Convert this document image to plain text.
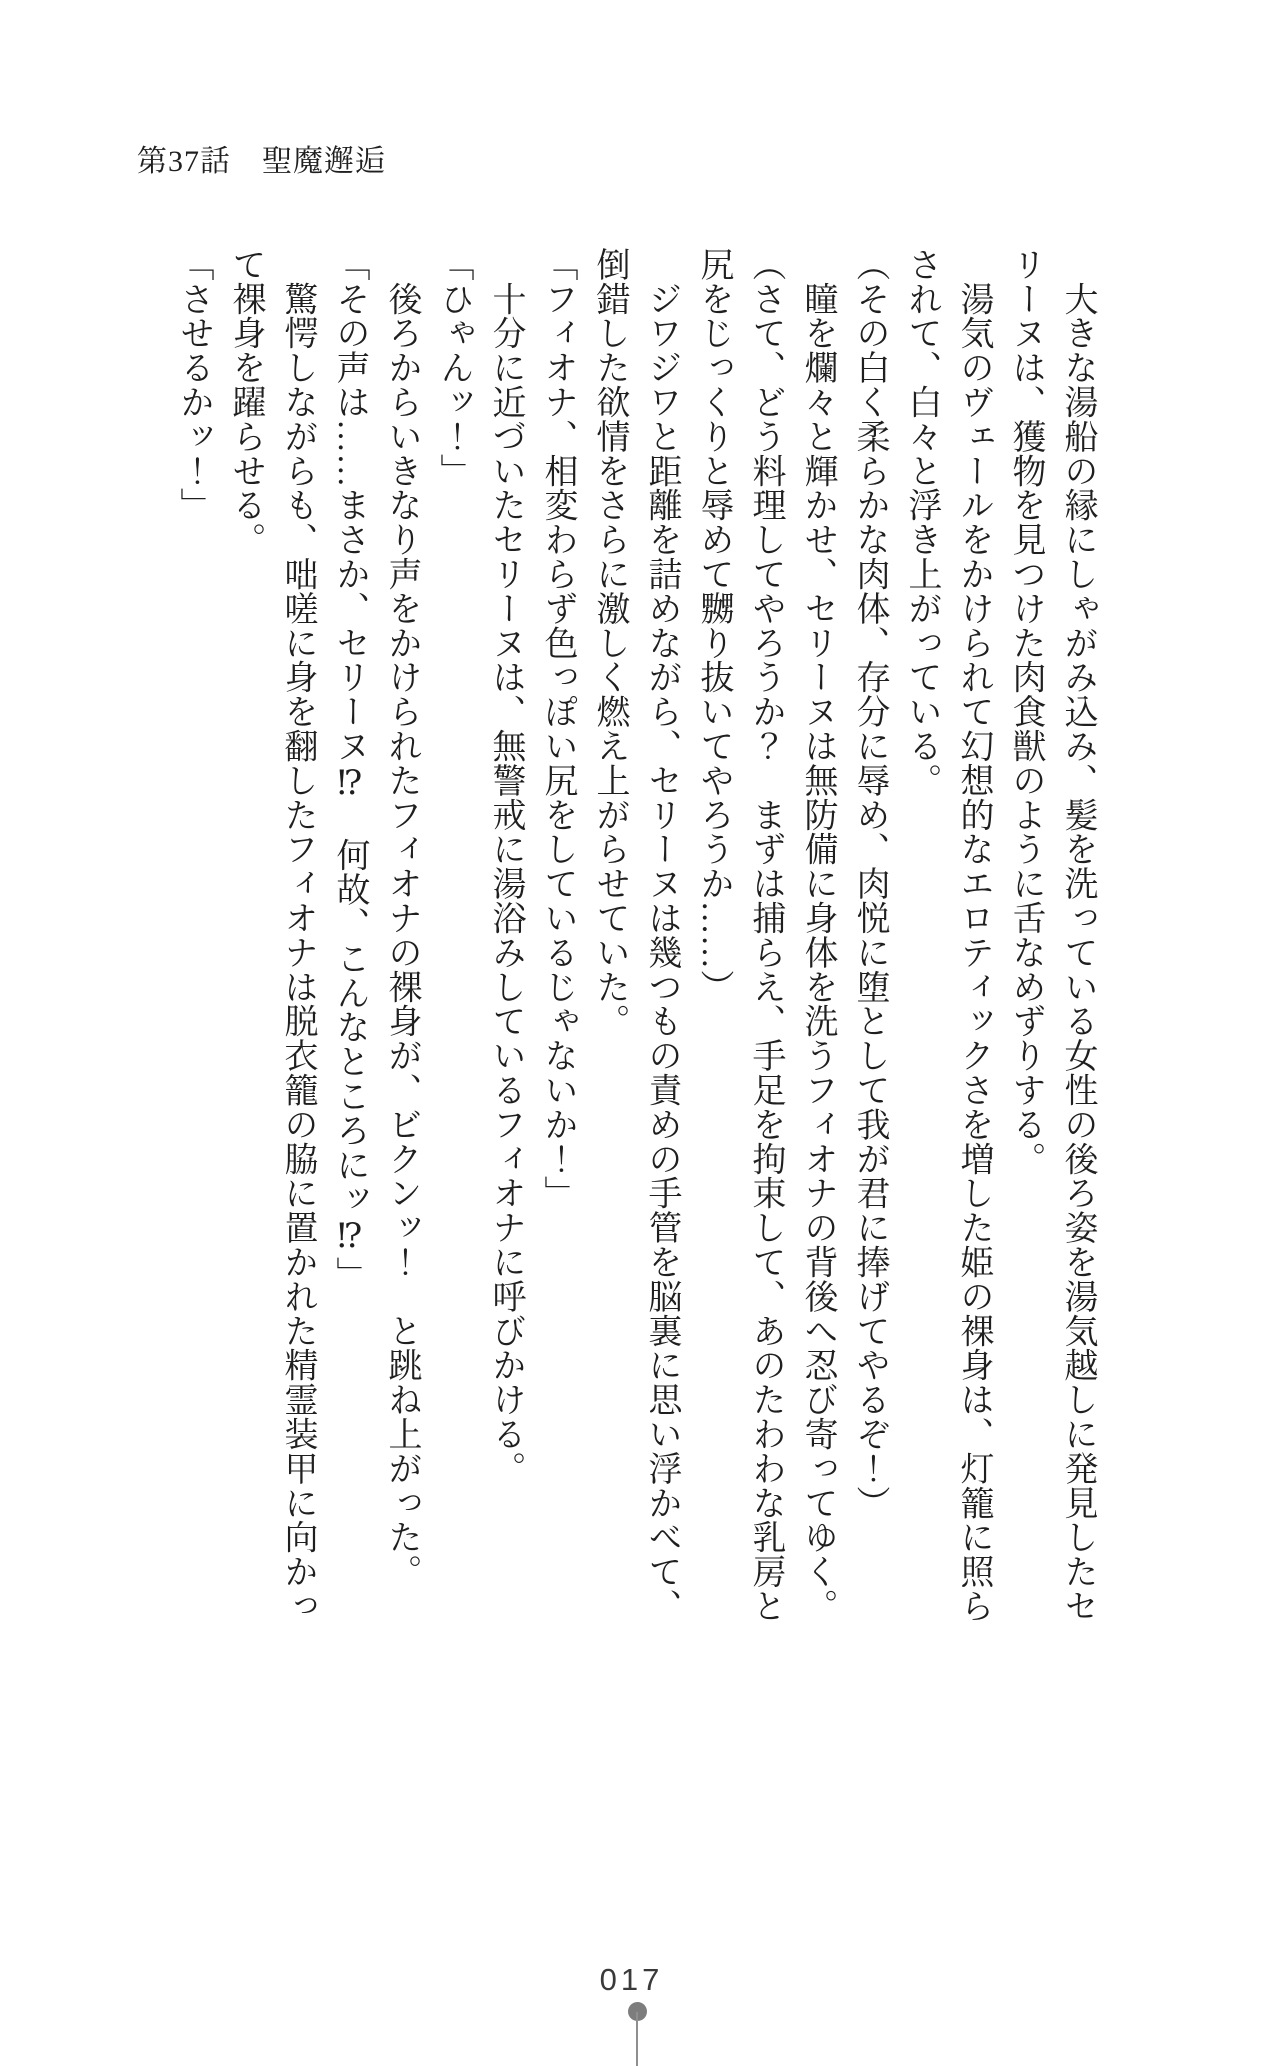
第37話　聖魔邂逅
　大きな湯船の縁にしゃがみ込み、髪を洗っている女性の後ろ姿を湯気越しに発見したセ
リーヌは、獲物を見つけた肉食獣のように舌なめずりする。
　湯気のヴェールをかけられて幻想的なエロティックさを増した姫の裸身は、灯籠に照ら
されて、白々と浮き上がっている。
（その白く柔らかな肉体、存分に辱め、肉悦に堕として我が君に捧げてやるぞ！）
　瞳を爛々と輝かせ、セリーヌは無防備に身体を洗うフィオナの背後へ忍び寄ってゆく。
（さて、どう料理してやろうか？　まずは捕らえ、手足を拘束して、あのたわわな乳房と
尻をじっくりと辱めて嬲り抜いてやろうか……）
　ジワジワと距離を詰めながら、セリーヌは幾つもの責めの手管を脳裏に思い浮かべて、
倒錯した欲情をさらに激しく燃え上がらせていた。
「フィオナ、相変わらず色っぽい尻をしているじゃないか！」
　十分に近づいたセリーヌは、無警戒に湯浴みしているフィオナに呼びかける。
「ひゃんッ！」
　後ろからいきなり声をかけられたフィオナの裸身が、ビクンッ！　と跳ね上がった。
「その声は……まさか、セリーヌ⁉　何故、こんなところにッ⁉」
　驚愕しながらも、咄嗟に身を翻したフィオナは脱衣籠の脇に置かれた精霊装甲に向かっ
て裸身を躍らせる。
「させるかッ！」
017
